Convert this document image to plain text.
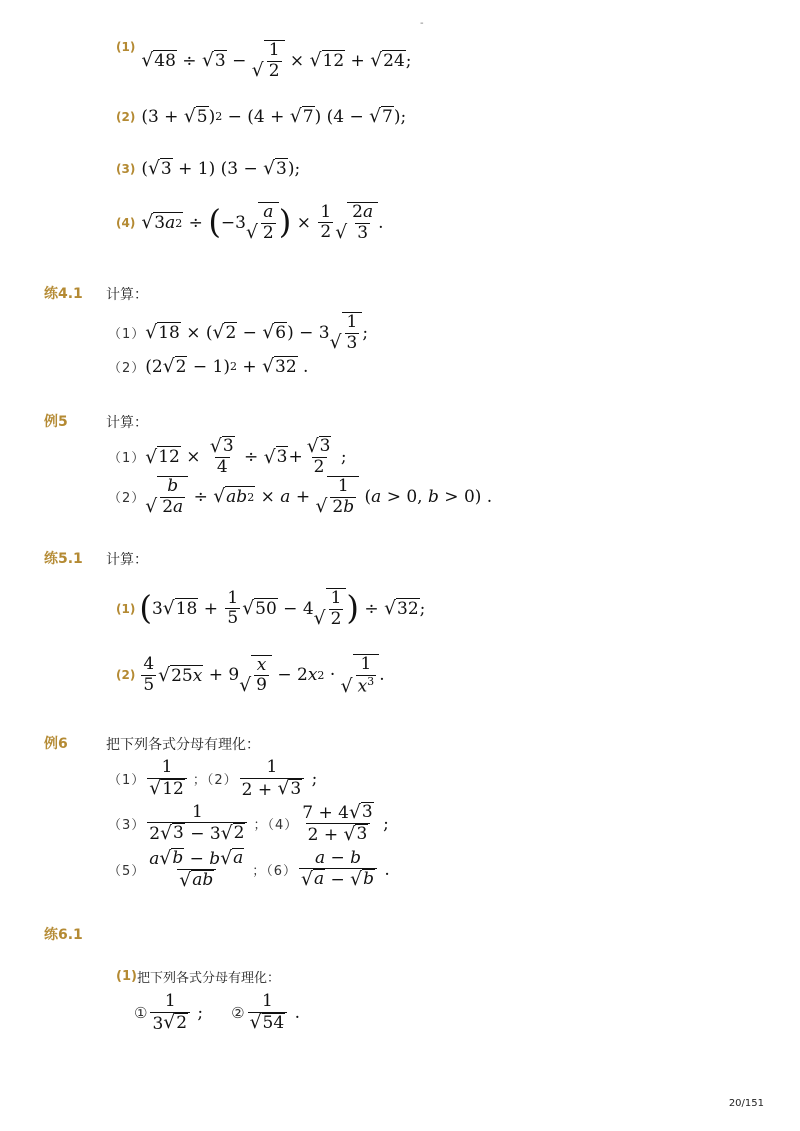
-
(1)
√ 48 ÷ √ 3 − √ $\frac{1}{2}$ × √ 12 + √ 24 ;
(2) (3 + √ 5 ) 2 − (4 + √ 7 ) (4 − √ 7 );
(3) ( √ 3 + 1) (3 − √ 3 );
(4) √ 3 a 2 ÷ ( −3 √ $\frac{a}{2}$ ) × $\frac{1}{2}$ √ $\frac{2a}{3}$ .
练4.1 计算：
（1） √ 18 × ( √ 2 − √ 6 ) − 3 √ $\frac{1}{3}$ ;
（2） (2 √ 2 − 1) 2 + √ 32 .
例5	计算：
（1） √ $12 \times \frac{√ 3}{4}$ ÷ √ $3 + \frac{√ 3}{2}$ ;
（2） √ $\frac{b}{2a}$ ÷ √ ab 2 × a + √ $\frac{1}{2b}$ ( a > 0, b > 0) .
练5.1 计算：
(1) ( 3 √ $18 + \frac{1}{5}$ √ 50 − 4 √ $\frac{1}{2}$ ) ÷ √ 32 ;
$(2) \frac{4}{5}$ √ 25 x + 9 √ $\frac{x}{9} - 2$ x 2 ·
√ $\frac{1}{x^3}$ .
例6	把下列各式分母有理化：
$(1) \frac{1}{√ 12}$ ；$(2) \frac{1}{2 + √ 3}$ ;
$(3) \frac{1}{2 √ 3 - 3 √ 2}$ ；$(4) \frac{7 + 4 √ 3}{2 + √ 3}$ ;
$(5) \frac{a √ b - b √ a}{√ ab}$ ；$(6) \frac{a - b}{√ a - √ b}$ .
练6.1
(1) 把下列各式分母有理化：
① $\frac{1}{3 √ 2}$ ; ② $\frac{1}{√ 54}$ .
20/151
